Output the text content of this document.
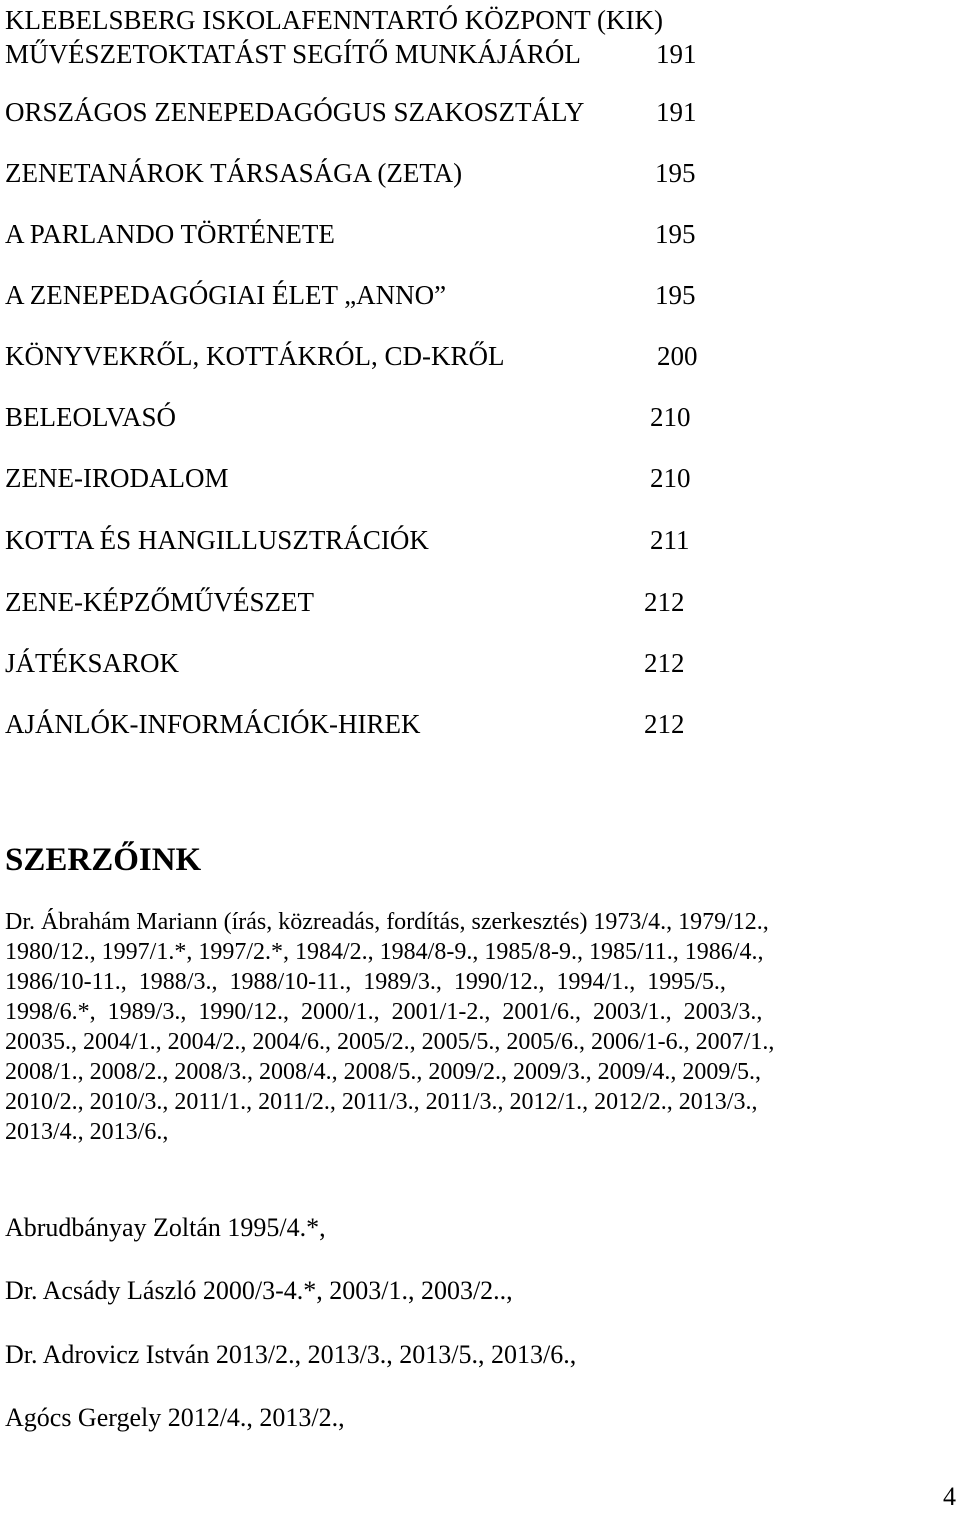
KLEBELSBERG ISKOLAFENNTARTÓ KÖZPONT (KIK)
MŰVÉSZETOKTATÁST SEGÍTŐ MUNKÁJÁRÓL	191
ORSZÁGOS ZENEPEDAGÓGUS SZAKOSZTÁLY	191
ZENETANÁROK TÁRSASÁGA (ZETA)	195
A PARLANDO TÖRTÉNETE	195
A ZENEPEDAGÓGIAI ÉLET „ANNO”	195
KÖNYVEKRŐL, KOTTÁKRÓL, CD-KRŐL	200
BELEOLVASÓ	210
ZENE-IRODALOM	210
KOTTA ÉS HANGILLUSZTRÁCIÓK	211
ZENE-KÉPZŐMŰVÉSZET	212
JÁTÉKSAROK	212
AJÁNLÓK-INFORMÁCIÓK-HIREK	212
SZERZŐINK
Dr. Ábrahám Mariann (írás, közreadás, fordítás, szerkesztés) 1973/4., 1979/12.,
1980/12., 1997/1.*, 1997/2.*, 1984/2., 1984/8-9., 1985/8-9., 1985/11., 1986/4.,
1986/10-11.,  1988/3.,  1988/10-11.,  1989/3.,  1990/12.,  1994/1.,  1995/5.,
1998/6.*,  1989/3.,  1990/12.,  2000/1.,  2001/1-2.,  2001/6.,  2003/1.,  2003/3.,
20035., 2004/1., 2004/2., 2004/6., 2005/2., 2005/5., 2005/6., 2006/1-6., 2007/1.,
2008/1., 2008/2., 2008/3., 2008/4., 2008/5., 2009/2., 2009/3., 2009/4., 2009/5.,
2010/2., 2010/3., 2011/1., 2011/2., 2011/3., 2011/3., 2012/1., 2012/2., 2013/3.,
2013/4., 2013/6.,
Abrudbányay Zoltán 1995/4.*,
Dr. Acsády László 2000/3-4.*, 2003/1., 2003/2..,
Dr. Adrovicz István 2013/2., 2013/3., 2013/5., 2013/6.,
Agócs Gergely 2012/4., 2013/2.,
4
